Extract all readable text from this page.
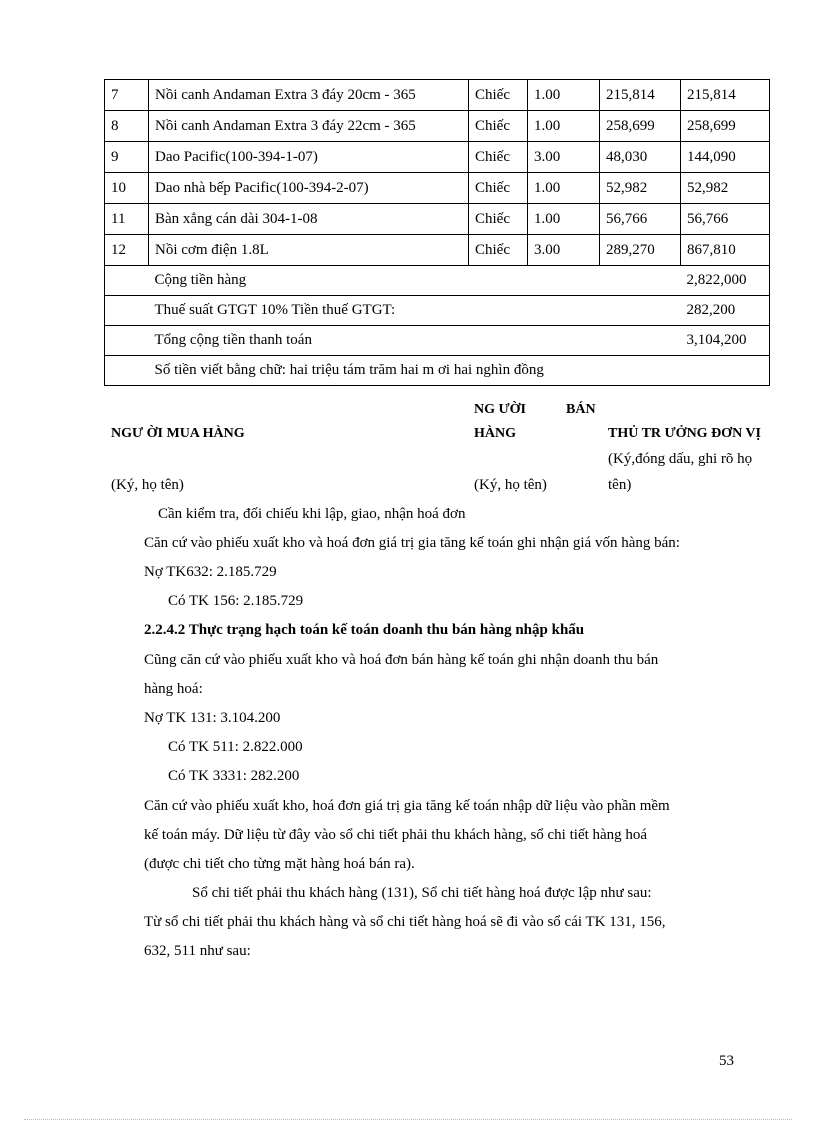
7	Nồi canh Andaman Extra 3 đáy 20cm - 365	Chiếc	1.00	215,814	215,814
8	Nồi canh Andaman Extra 3 đáy 22cm - 365	Chiếc	1.00	258,699	258,699
9	Dao Pacific(100-394-1-07)	Chiếc	3.00	48,030	144,090
10	Dao nhà bếp Pacific(100-394-2-07)	Chiếc	1.00	52,982	52,982
11	Bàn xẳng cán dài 304-1-08	Chiếc	1.00	56,766	56,766
12	Nồi cơm điện 1.8L	Chiếc	3.00	289,270	867,810
	Cộng tiền hàng				2,822,000
	Thuế suất GTGT 10% Tiền thuế GTGT:				282,200
	Tổng cộng tiền thanh toán				3,104,200
	Số tiền viết bằng chữ: hai triệu tám trăm hai m ơi hai nghìn đồng				
NG ƯỜI	BÁN
NGƯ ỜI MUA HÀNG	HÀNG	THỦ TR ƯỞNG ĐƠN VỊ
(Ký,đóng dấu, ghi rõ họ
(Ký, họ tên)	(Ký, họ tên)	tên)
Cần kiểm tra, đối chiếu khi lập, giao, nhận hoá đơn
Căn cứ vào phiếu xuất kho và hoá đơn giá trị gia tăng kế toán ghi nhận giá vốn hàng bán:
Nợ TK632: 2.185.729
Có TK 156: 2.185.729
2.2.4.2 Thực trạng hạch toán kế toán doanh thu bán hàng nhập khẩu
Cũng căn cứ vào phiếu xuất kho và hoá đơn bán hàng kế toán ghi nhận doanh thu bán
hàng hoá:
Nợ TK 131: 3.104.200
Có TK 511: 2.822.000
Có TK 3331: 282.200
Căn cứ vào phiếu xuất kho, hoá đơn giá trị gia tăng kế toán nhập dữ liệu vào phần mềm
kế toán máy. Dữ liệu từ đây vào sổ chi tiết phải thu khách hàng, sổ chi tiết hàng hoá
(được chi tiết cho từng mặt hàng hoá bán ra).
Sổ chi tiết phải thu khách hàng (131), Sổ chi tiết hàng hoá được lập như sau:
Từ sổ chi tiết phải thu khách hàng và sổ chi tiết hàng hoá sẽ đi vào sổ cái TK 131, 156,
632, 511 như sau:
53
